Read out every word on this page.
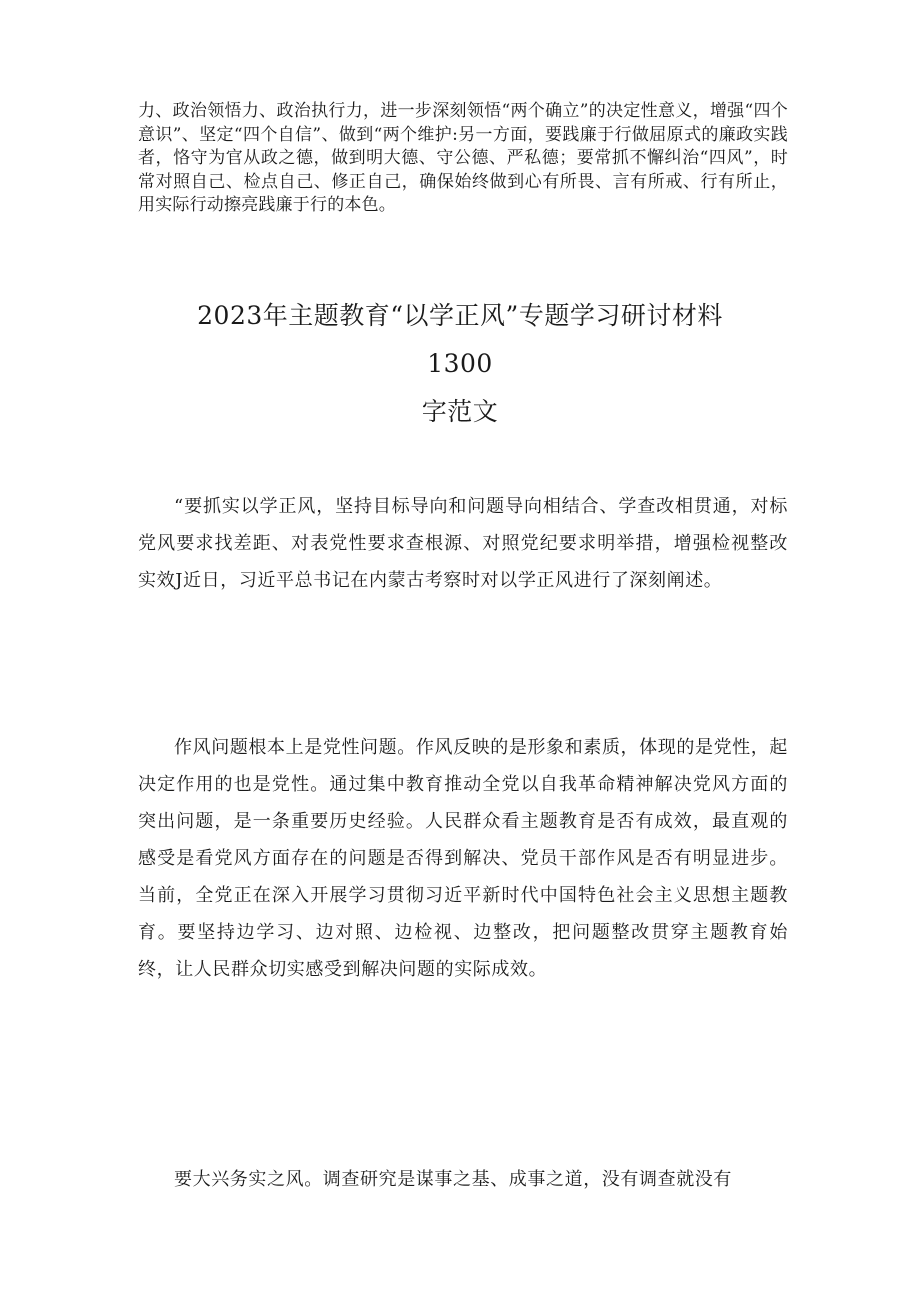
力、政治领悟力、政治执行力，进一步深刻领悟“两个确立”的决定性意义，增强“四个意识”、坚定“四个自信”、做到“两个维护:另一方面，要践廉于行做屈原式的廉政实践者，恪守为官从政之德，做到明大德、守公德、严私德；要常抓不懈纠治“四风”，时常对照自己、检点自己、修正自己，确保始终做到心有所畏、言有所戒、行有所止，用实际行动擦亮践廉于行的本色。

2023年主题教育“以学正风”专题学习研讨材料
1300
字范文

“要抓实以学正风，坚持目标导向和问题导向相结合、学查改相贯通，对标党风要求找差距、对表党性要求查根源、对照党纪要求明举措，增强检视整改实效J近日，习近平总书记在内蒙古考察时对以学正风进行了深刻阐述。

作风问题根本上是党性问题。作风反映的是形象和素质，体现的是党性，起决定作用的也是党性。通过集中教育推动全党以自我革命精神解决党风方面的突出问题，是一条重要历史经验。人民群众看主题教育是否有成效，最直观的感受是看党风方面存在的问题是否得到解决、党员干部作风是否有明显进步。当前，全党正在深入开展学习贯彻习近平新时代中国特色社会主义思想主题教育。要坚持边学习、边对照、边检视、边整改，把问题整改贯穿主题教育始终，让人民群众切实感受到解决问题的实际成效。

要大兴务实之风。调查研究是谋事之基、成事之道，没有调查就没有
